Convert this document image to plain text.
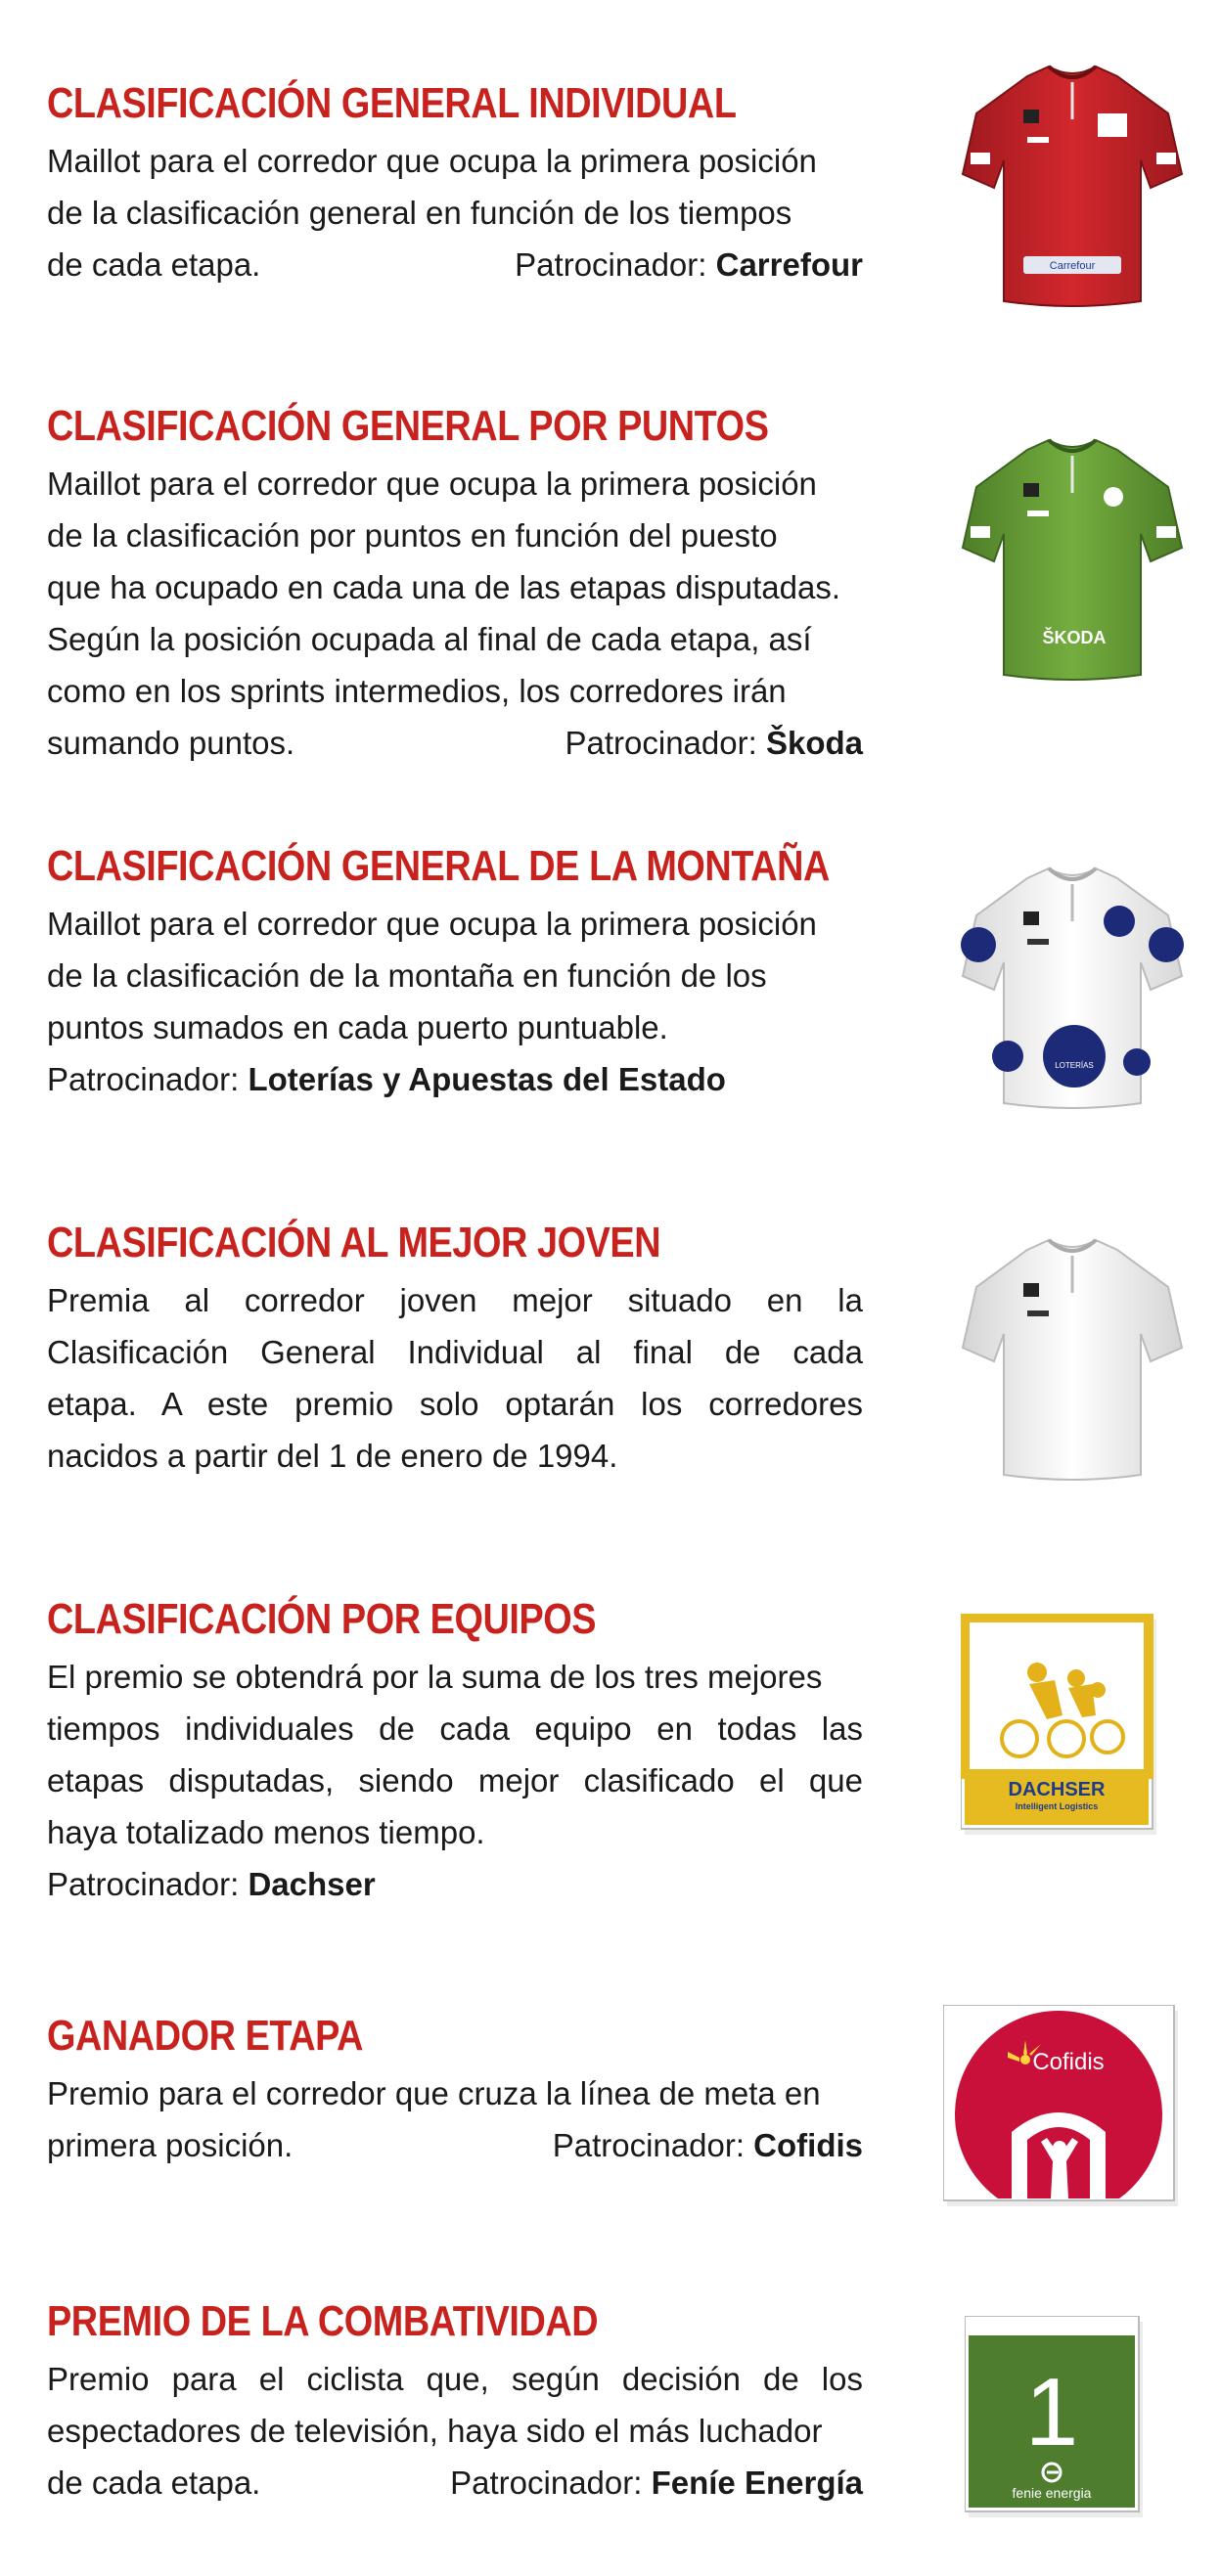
CLASIFICACIÓN GENERAL INDIVIDUAL
Maillot para el corredor que ocupa la primera posición
de la clasificación general en función de los tiempos
de cada etapa.	Patrocinador: Carrefour	Carrefour
CLASIFICACIÓN GENERAL POR PUNTOS
Maillot para el corredor que ocupa la primera posición
de la clasificación por puntos en función del puesto
que ha ocupado en cada una de las etapas disputadas.
Según la posición ocupada al final de cada etapa, así
como en los sprints intermedios, los corredores irán
sumando puntos.	Patrocinador: Škoda
ŠKODA
CLASIFICACIÓN GENERAL DE LA MONTAÑA
Maillot para el corredor que ocupa la primera posición
de la clasificación de la montaña en función de los
puntos sumados en cada puerto puntuable.
Patrocinador: Loterías y Apuestas del Estado	LOTERÍAS
CLASIFICACIÓN AL MEJOR JOVEN
Premia al corredor joven mejor situado en la
Clasificación General Individual al final de cada
etapa. A este premio solo optarán los corredores
nacidos a partir del 1 de enero de 1994.
CLASIFICACIÓN POR EQUIPOS
El premio se obtendrá por la suma de los tres mejores
tiempos individuales de cada equipo en todas las
etapas disputadas, siendo mejor clasificado el que
haya totalizado menos tiempo.
Patrocinador: Dachser
DACHSER
Intelligent Logistics
GANADOR ETAPA
Premio para el corredor que cruza la línea de meta en
primera posición.	Patrocinador: Cofidis
Cofidis
PREMIO DE LA COMBATIVIDAD
Premio para el ciclista que, según decisión de los
espectadores de televisión, haya sido el más luchador
de cada etapa.	Patrocinador: Feníe Energía
1
fenie energia
